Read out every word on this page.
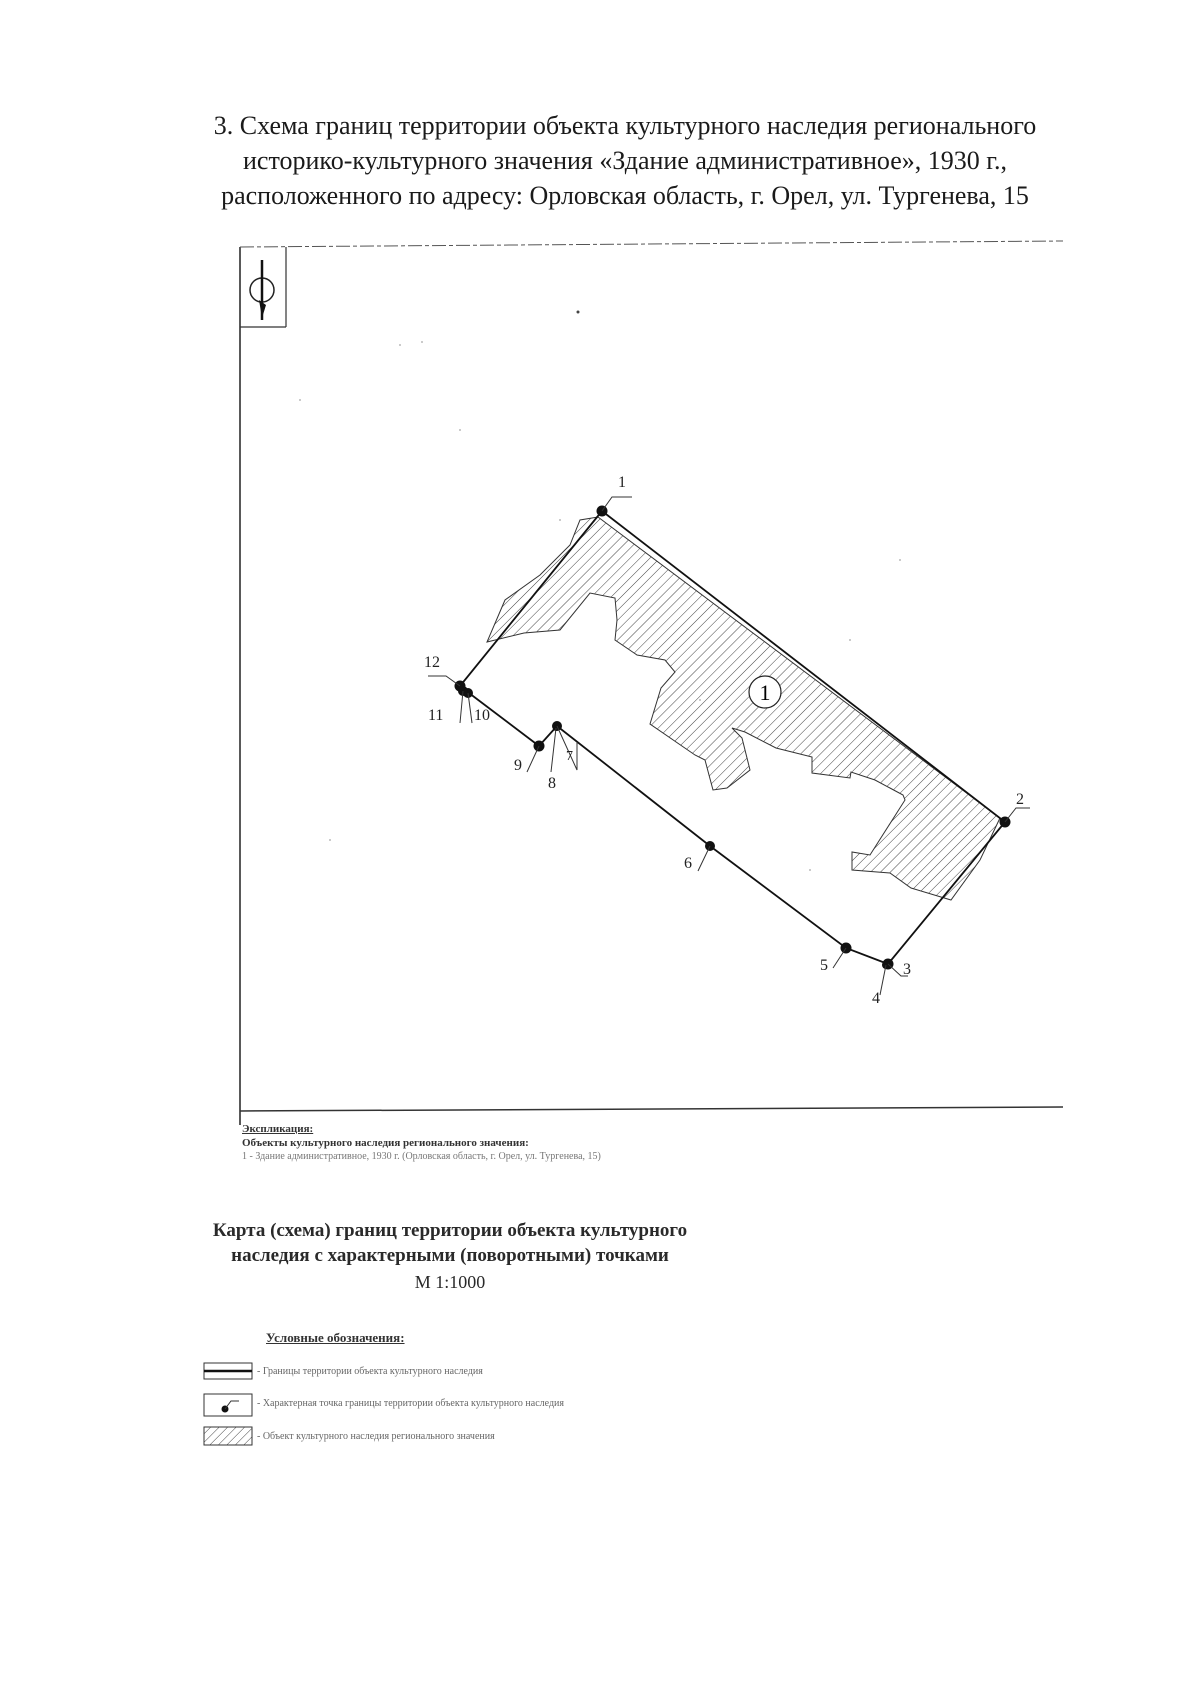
3. Схема границ территории объекта культурного наследия регионального
историко-культурного значения «Здание административное», 1930 г.,
расположенного по адресу: Орловская область, г. Орел, ул. Тургенева, 15
1
1
2
3
4
5
6
7
8
9
10
11
12
Экспликация:
Объекты культурного наследия регионального значения:
1 - Здание административное, 1930 г. (Орловская область, г. Орел, ул. Тургенева, 15)
Карта (схема) границ территории объекта культурного
наследия с характерными (поворотными) точками
М 1:1000
Условные обозначения:
- Границы территории объекта культурного наследия
- Характерная точка границы территории объекта культурного наследия
- Объект культурного наследия регионального значения
